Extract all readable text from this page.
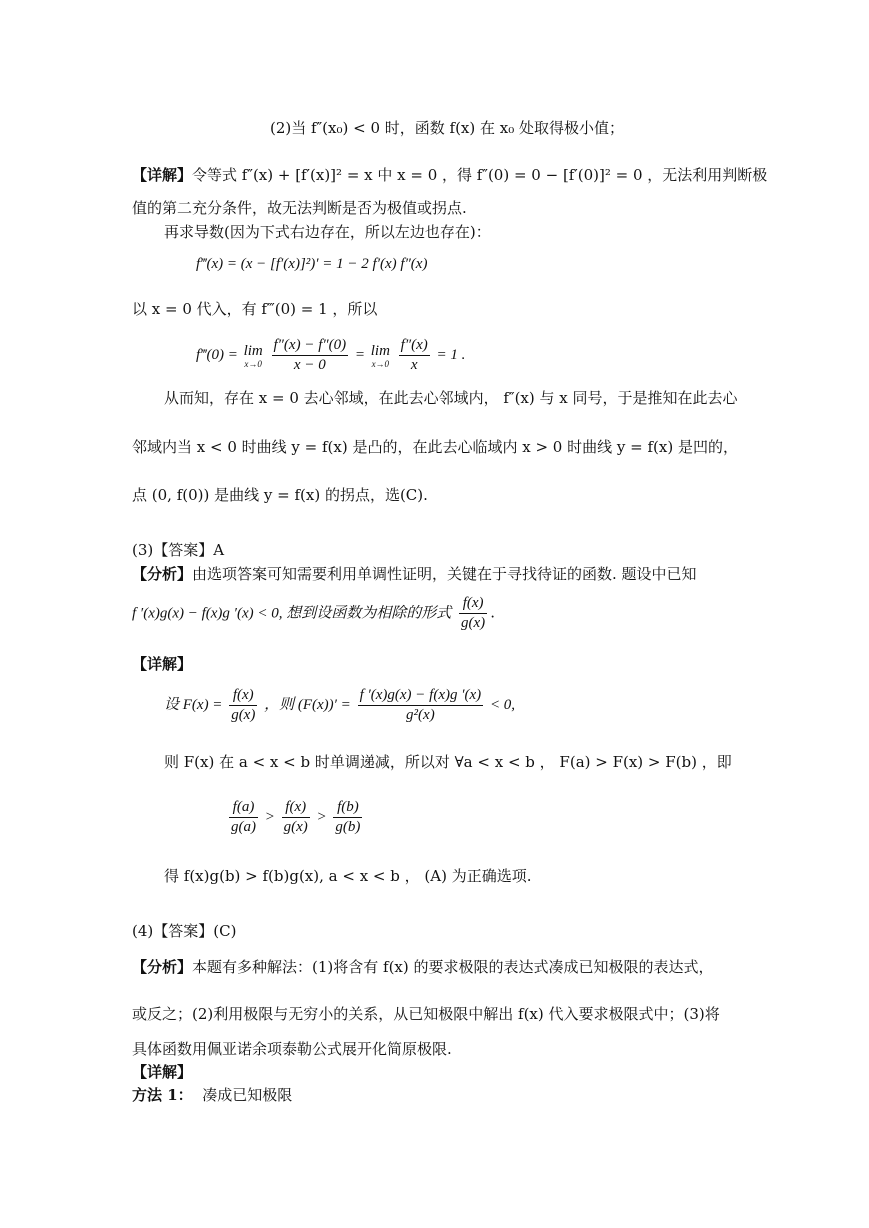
(2)当 f″(x₀) < 0 时，函数 f(x) 在 x₀ 处取得极小值；
【详解】令等式 f″(x) + [f′(x)]² = x 中 x = 0 ，得 f″(0) = 0 − [f′(0)]² = 0 ，无法利用判断极
值的第二充分条件，故无法判断是否为极值或拐点.
再求导数(因为下式右边存在，所以左边也存在)：
f‴(x) = (x − [f′(x)]²)′ = 1 − 2 f′(x) f″(x)
以 x = 0 代入，有 f‴(0) = 1 ，所以
f‴(0) = lim
x→0
$\frac{f''(x) - f''(0)}{x - 0} = \lim$
x→0
$\frac{f''(x)}{x} = 1$ .
从而知，存在 x = 0 去心邻域，在此去心邻域内， f″(x) 与 x 同号，于是推知在此去心
邻域内当 x < 0 时曲线 y = f(x) 是凸的，在此去心临域内 x > 0 时曲线 y = f(x) 是凹的，
点 (0, f(0)) 是曲线 y = f(x) 的拐点，选(C).
(3)【答案】A
【分析】由选项答案可知需要利用单调性证明，关键在于寻找待证的函数. 题设中已知
f ′(x)g(x) − f(x)g ′(x) < 0, 想到设函数为相除的形式 $\frac{f(x)}{g(x)}$ .
【详解】
设 $F(x) = \frac{f(x)}{g(x)}$ ，则 $(F(x))' = \frac{f '(x)g(x) - f(x)g '(x)}{\text{g²(x)}} < 0$,
则 F(x) 在 a < x < b 时单调递减，所以对 ∀a < x < b ， F(a) > F(x) > F(b) ，即
$\frac{f(a)}{g(a)} > \frac{f(x)}{g(x)} > \frac{f(b)}{g(b)}$
得 f(x)g(b) > f(b)g(x), a < x < b ， (A) 为正确选项.
(4)【答案】(C)
【分析】本题有多种解法：(1)将含有 f(x) 的要求极限的表达式凑成已知极限的表达式，
或反之；(2)利用极限与无穷小的关系，从已知极限中解出 f(x) 代入要求极限式中；(3)将
具体函数用佩亚诺余项泰勒公式展开化简原极限.
【详解】
方法 1： 凑成已知极限
